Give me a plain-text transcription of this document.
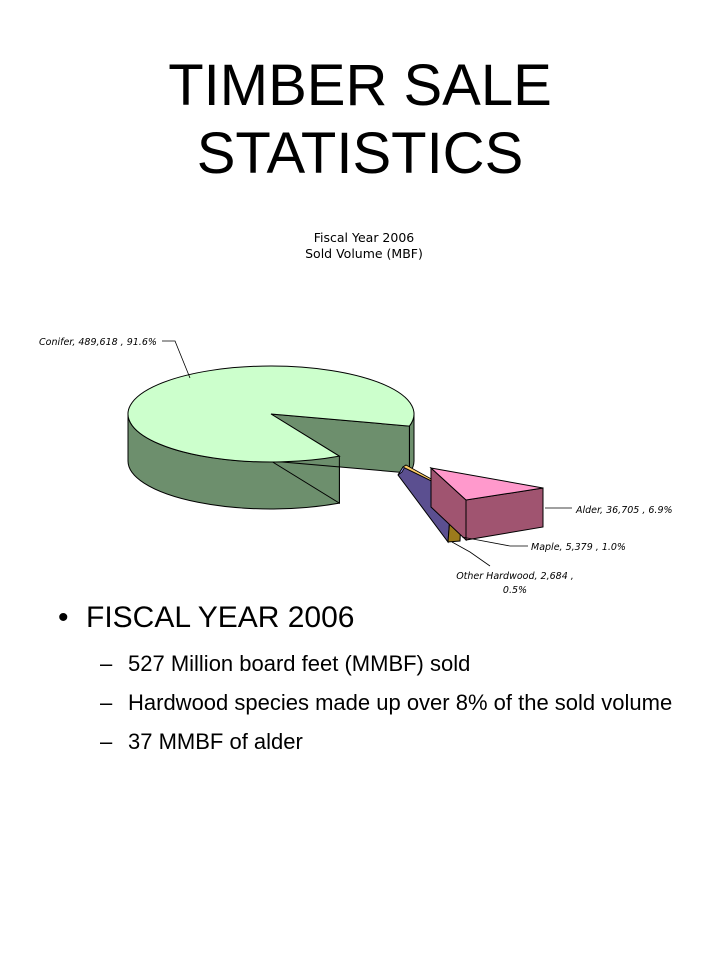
TIMBER SALE
STATISTICS
Fiscal Year 2006
Sold Volume (MBF)
Conifer, 489,618 , 91.6%
Alder, 36,705 , 6.9%
Maple, 5,379 , 1.0%
Other Hardwood, 2,684 ,
0.5%
• FISCAL YEAR 2006
– 527 Million board feet (MMBF) sold
– Hardwood species made up over 8% of the sold volume
– 37 MMBF of alder
